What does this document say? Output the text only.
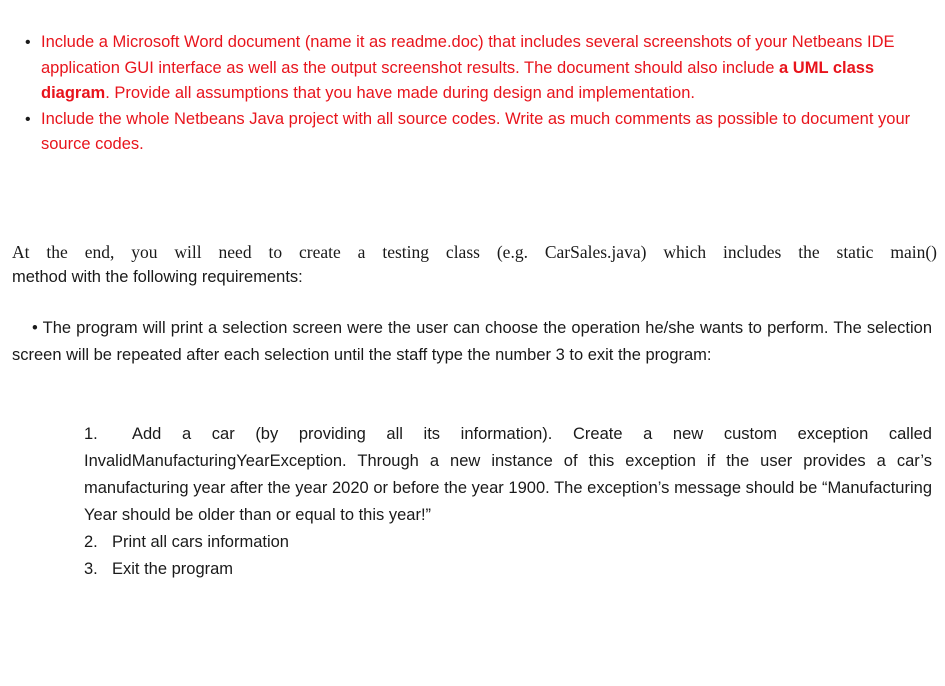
• Include a Microsoft Word document (name it as readme.doc) that includes several screenshots of your Netbeans IDE application GUI interface as well as the output screenshot results. The document should also include a UML class diagram. Provide all assumptions that you have made during design and implementation.
• Include the whole Netbeans Java project with all source codes. Write as much comments as possible to document your source codes.
At the end, you will need to create a testing class (e.g. CarSales.java) which includes the static main()
method with the following requirements:
• The program will print a selection screen were the user can choose the operation he/she wants to perform. The selection screen will be repeated after each selection until the staff type the number 3 to exit the program:
1. Add a car (by providing all its information). Create a new custom exception called InvalidManufacturingYearException. Through a new instance of this exception if the user provides a car’s manufacturing year after the year 2020 or before the year 1900. The exception’s message should be “Manufacturing Year should be older than or equal to this year!”
2. Print all cars information
3. Exit the program
